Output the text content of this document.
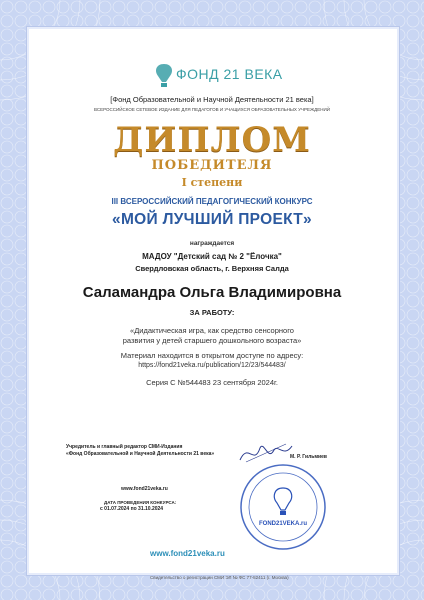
ФОНД 21 ВЕКА
[Фонд Образовательной и Научной Деятельности 21 века]
ВСЕРОССИЙСКОЕ СЕТЕВОЕ ИЗДАНИЕ ДЛЯ ПЕДАГОГОВ И УЧАЩИХСЯ ОБРАЗОВАТЕЛЬНЫХ УЧРЕЖДЕНИЙ
ДИПЛОМ
ПОБЕДИТЕЛЯ
I степени
III ВСЕРОССИЙСКИЙ ПЕДАГОГИЧЕСКИЙ КОНКУРС
«МОЙ ЛУЧШИЙ ПРОЕКТ»
награждается
МАДОУ "Детский сад № 2 "Ёлочка"
Свердловская область, г. Верхняя Салда
Саламандра Ольга Владимировна
ЗА РАБОТУ:
«Дидактическая игра, как средство сенсорного
развития у детей старшего дошкольного возраста»
Материал находится в открытом доступе по адресу:
https://fond21veka.ru/publication/12/23/544483/
Серия С №544483 23 сентября 2024г.
Учредитель и главный редактор СМИ-Издания
«Фонд Образовательной и Научной Деятельности 21 века»	М. Р. Гильмиев
FOND21VEKA.ru
www.fond21veka.ru
ДАТА ПРОВЕДЕНИЯ КОНКУРСА:
с 01.07.2024 по 31.10.2024
www.fond21veka.ru
Свидетельство о регистрации СМИ ЭЛ № ФС 77-82411 (г. Москва)
